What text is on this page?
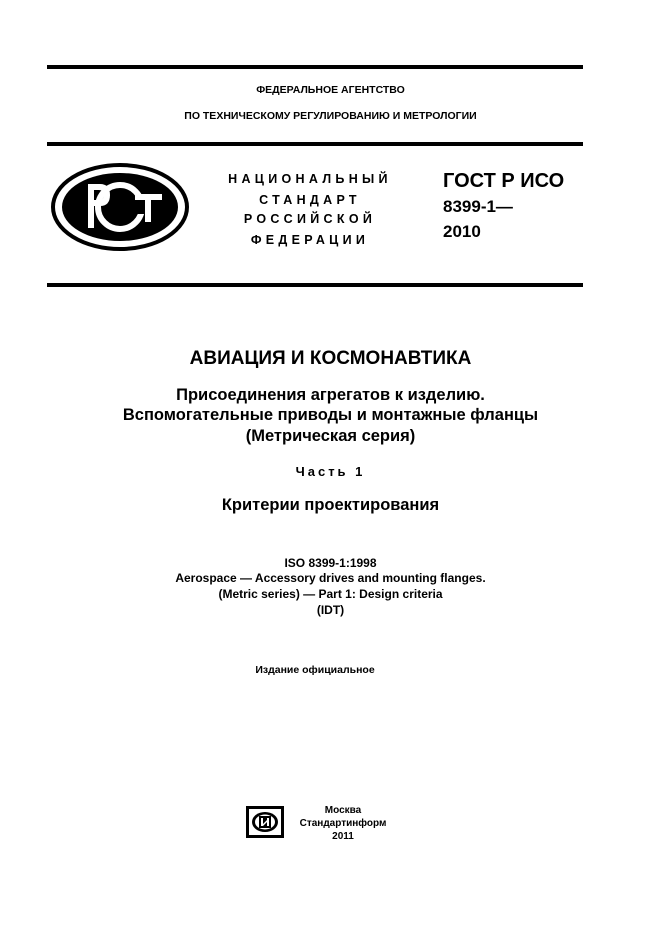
ФЕДЕРАЛЬНОЕ АГЕНТСТВО
ПО ТЕХНИЧЕСКОМУ РЕГУЛИРОВАНИЮ И МЕТРОЛОГИИ
НАЦИОНАЛЬНЫЙ
СТАНДАРТ
РОССИЙСКОЙ
ФЕДЕРАЦИИ
ГОСТ Р ИСО
8399-1—
2010
АВИАЦИЯ И КОСМОНАВТИКА
Присоединения агрегатов к изделию.
Вспомогательные приводы и монтажные фланцы
(Метрическая серия)
Часть 1
Критерии проектирования
ISO 8399-1:1998
Aerospace — Accessory drives and mounting flanges.
(Metric series) — Part 1: Design criteria
(IDT)
Издание официальное
Москва
Стандартинформ
2011
